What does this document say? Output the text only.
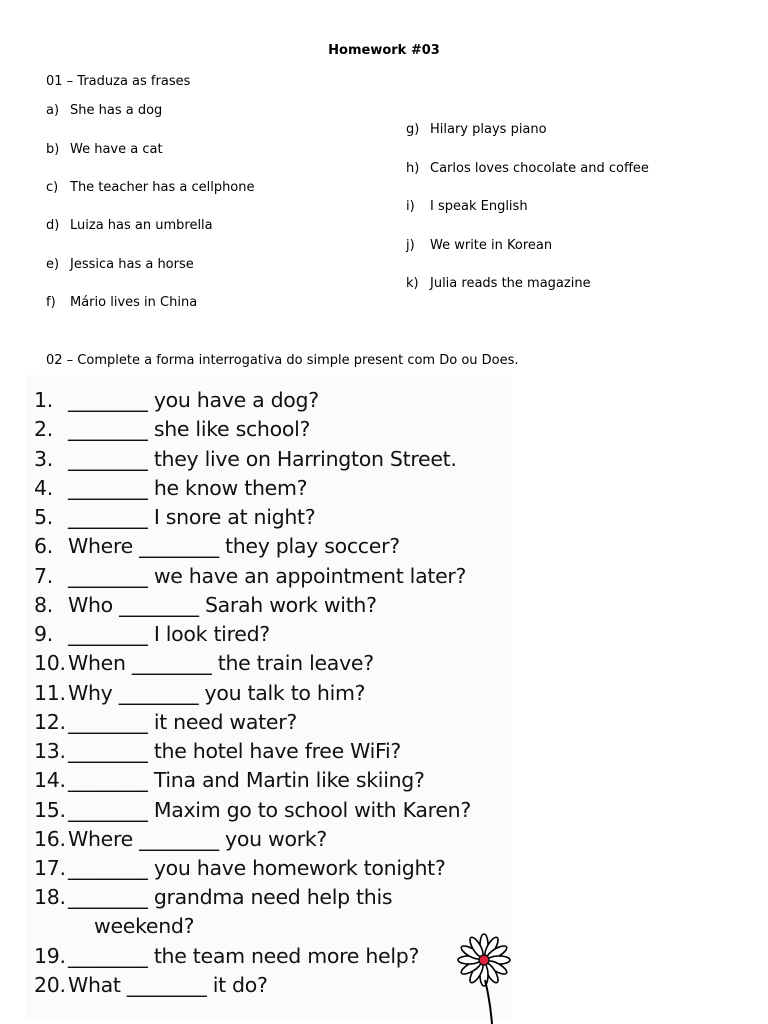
Homework #03
01 – Traduza as frases
a) She has a dog
b) We have a cat
c) The teacher has a cellphone
d) Luiza has an umbrella
e) Jessica has a horse
f) Mário lives in China
g) Hilary plays piano
h) Carlos loves chocolate and coffee
i) I speak English
j) We write in Korean
k) Julia reads the magazine
02 – Complete a forma interrogativa do simple present com Do ou Does.
1. ________ you have a dog?
2. ________ she like school?
3. ________ they live on Harrington Street.
4. ________ he know them?
5. ________ I snore at night?
6. Where ________ they play soccer?
7. ________ we have an appointment later?
8. Who ________ Sarah work with?
9. ________ I look tired?
10. When ________ the train leave?
11. Why ________ you talk to him?
12. ________ it need water?
13. ________ the hotel have free WiFi?
14. ________ Tina and Martin like skiing?
15. ________ Maxim go to school with Karen?
16. Where ________ you work?
17. ________ you have homework tonight?
18. ________ grandma need help this
weekend?
19. ________ the team need more help?
20. What ________ it do?
